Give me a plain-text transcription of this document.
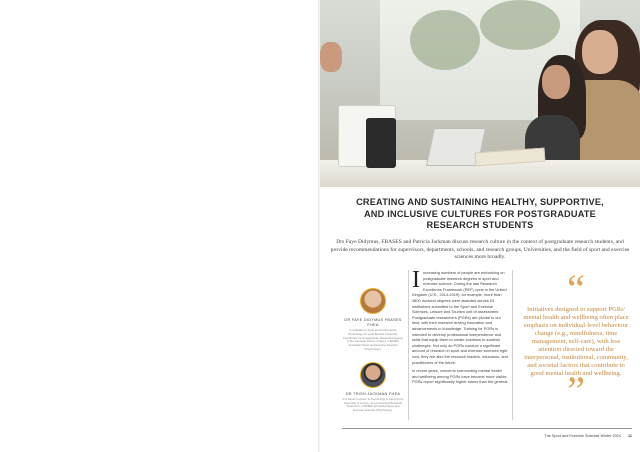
CREATING AND SUSTAINING HEALTHY, SUPPORTIVE,
AND INCLUSIVE CULTURES FOR POSTGRADUATE
RESEARCH STUDENTS

Drs Faye Didymus, FBASES and Patricia Jackman discuss research culture in the context of postgraduate research students, and provide recommendations for supervisors, departments, schools, and research groups, Universities, and the field of sport and exercise sciences more broadly.

DR FAYE DIDYMUS FBASES FHEA
is a Reader in Sport and Performance Psychology at Leeds Beckett University, Coordinator for Postgraduate Research Degrees in the Carnegie School of Sport, a BASES Accredited Sport and Exercise Scientist (Psychology).
DR TRISH JACKMAN FHEA
is a Senior Lecturer in Psychology of Sport at the University of Lincoln, an experienced Research Supervisor, a BASES accredited Sport and Exercise Scientist (Psychology).
I ncreasing numbers of people are embarking on postgraduate research degrees in sport and exercise science. During the last Research Excellence Framework (REF) cycle in the United Kingdom (U.K., 2014-2019), for example, more than 3800 doctoral degrees were awarded across 63 institutions submitted to the Sport and Exercise Sciences, Leisure and Tourism unit of assessment. Postgraduate researchers (PGRs) are pivotal to our field, with their research driving innovation and advancements in knowledge. Training for PGRs is intended to develop professional independence and skills that equip them to create solutions to societal challenges. Not only do PGRs conduct a significant amount of research in sport and exercise sciences right now, they are also the research leaders, educators, and practitioners of the future.

In recent years, concerns surrounding mental health and wellbeing among PGRs have become more visible. PGRs report significantly higher stress than the general

“

Initiatives designed to support PGRs' mental health and wellbeing often place emphasis on individual-level behaviour change (e.g., mindfulness, time management, self-care), with less attention directed toward the interpersonal, institutional, community, and societal factors that contribute to good mental health and wellbeing.

”
The Sport and Exercise Scientist Winter 2024 11
